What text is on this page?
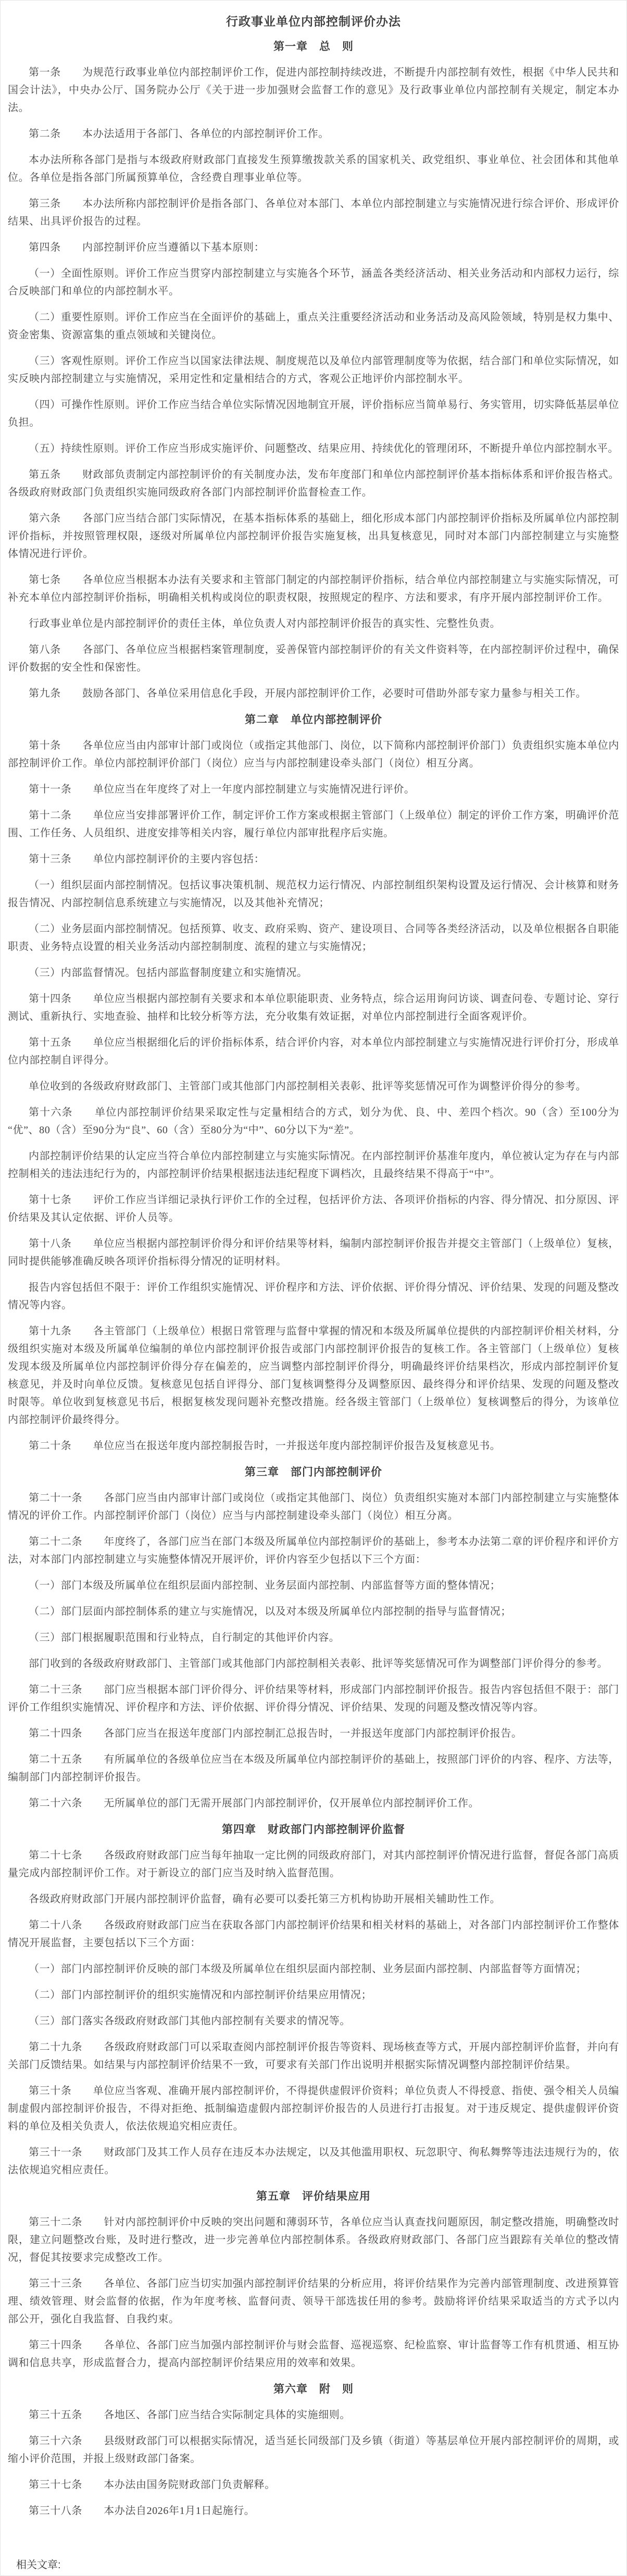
行政事业单位内部控制评价办法
第一章　总　则

第一条　　为规范行政事业单位内部控制评价工作，促进内部控制持续改进，不断提升内部控制有效性，根据《中华人民共和国会计法》，中央办公厅、国务院办公厅《关于进一步加强财会监督工作的意见》及行政事业单位内部控制有关规定，制定本办法。

第二条　　本办法适用于各部门、各单位的内部控制评价工作。

本办法所称各部门是指与本级政府财政部门直接发生预算缴拨款关系的国家机关、政党组织、事业单位、社会团体和其他单位。各单位是指各部门所属预算单位，含经费自理事业单位等。

第三条　　本办法所称内部控制评价是指各部门、各单位对本部门、本单位内部控制建立与实施情况进行综合评价、形成评价结果、出具评价报告的过程。

第四条　　内部控制评价应当遵循以下基本原则：

（一）全面性原则。评价工作应当贯穿内部控制建立与实施各个环节，涵盖各类经济活动、相关业务活动和内部权力运行，综合反映部门和单位的内部控制水平。

（二）重要性原则。评价工作应当在全面评价的基础上，重点关注重要经济活动和业务活动及高风险领域，特别是权力集中、资金密集、资源富集的重点领域和关键岗位。

（三）客观性原则。评价工作应当以国家法律法规、制度规范以及单位内部管理制度等为依据，结合部门和单位实际情况，如实反映内部控制建立与实施情况，采用定性和定量相结合的方式，客观公正地评价内部控制水平。

（四）可操作性原则。评价工作应当结合单位实际情况因地制宜开展，评价指标应当简单易行、务实管用，切实降低基层单位负担。

（五）持续性原则。评价工作应当形成实施评价、问题整改、结果应用、持续优化的管理闭环，不断提升单位内部控制水平。

第五条　　财政部负责制定内部控制评价的有关制度办法，发布年度部门和单位内部控制评价基本指标体系和评价报告格式。各级政府财政部门负责组织实施同级政府各部门内部控制评价监督检查工作。

第六条　　各部门应当结合部门实际情况，在基本指标体系的基础上，细化形成本部门内部控制评价指标及所属单位内部控制评价指标，并按照管理权限，逐级对所属单位内部控制评价报告实施复核，出具复核意见，同时对本部门内部控制建立与实施整体情况进行评价。

第七条　　各单位应当根据本办法有关要求和主管部门制定的内部控制评价指标，结合单位内部控制建立与实施实际情况，可补充本单位内部控制评价指标，明确相关机构或岗位的职责权限，按照规定的程序、方法和要求，有序开展内部控制评价工作。

行政事业单位是内部控制评价的责任主体，单位负责人对内部控制评价报告的真实性、完整性负责。

第八条　　各部门、各单位应当根据档案管理制度，妥善保管内部控制评价的有关文件资料等，在内部控制评价过程中，确保评价数据的安全性和保密性。

第九条　　鼓励各部门、各单位采用信息化手段，开展内部控制评价工作，必要时可借助外部专家力量参与相关工作。

第二章　单位内部控制评价

第十条　　各单位应当由内部审计部门或岗位（或指定其他部门、岗位，以下简称内部控制评价部门）负责组织实施本单位内部控制评价工作。单位内部控制评价部门（岗位）应当与内部控制建设牵头部门（岗位）相互分离。

第十一条　　单位应当在年度终了对上一年度内部控制建立与实施情况进行评价。

第十二条　　单位应当安排部署评价工作，制定评价工作方案或根据主管部门（上级单位）制定的评价工作方案，明确评价范围、工作任务、人员组织、进度安排等相关内容，履行单位内部审批程序后实施。

第十三条　　单位内部控制评价的主要内容包括：

（一）组织层面内部控制情况。包括议事决策机制、规范权力运行情况、内部控制组织架构设置及运行情况、会计核算和财务报告情况、内部控制信息系统建立与实施情况，以及其他补充情况；

（二）业务层面内部控制情况。包括预算、收支、政府采购、资产、建设项目、合同等各类经济活动，以及单位根据各自职能职责、业务特点设置的相关业务活动内部控制制度、流程的建立与实施情况；

（三）内部监督情况。包括内部监督制度建立和实施情况。

第十四条　　单位应当根据内部控制有关要求和本单位职能职责、业务特点，综合运用询问访谈、调查问卷、专题讨论、穿行测试、重新执行、实地查验、抽样和比较分析等方法，充分收集有效证据，对单位内部控制进行全面客观评价。

第十五条　　单位应当根据细化后的评价指标体系，结合评价内容，对本单位内部控制建立与实施情况进行评价打分，形成单位内部控制自评得分。

单位收到的各级政府财政部门、主管部门或其他部门内部控制相关表彰、批评等奖惩情况可作为调整评价得分的参考。

第十六条　　单位内部控制评价结果采取定性与定量相结合的方式，划分为优、良、中、差四个档次。90（含）至100分为“优”、80（含）至90分为“良”、60（含）至80分为“中”、60分以下为“差”。

内部控制评价结果的认定应当符合单位内部控制建立与实施实际情况。在内部控制评价基准年度内，单位被认定为存在与内部控制相关的违法违纪行为的，内部控制评价结果根据违法违纪程度下调档次，且最终结果不得高于“中”。

第十七条　　评价工作应当详细记录执行评价工作的全过程，包括评价方法、各项评价指标的内容、得分情况、扣分原因、评价结果及其认定依据、评价人员等。

第十八条　　单位应当根据内部控制评价得分和评价结果等材料，编制内部控制评价报告并提交主管部门（上级单位）复核，同时提供能够准确反映各项评价指标得分情况的证明材料。

报告内容包括但不限于：评价工作组织实施情况、评价程序和方法、评价依据、评价得分情况、评价结果、发现的问题及整改情况等内容。

第十九条　　各主管部门（上级单位）根据日常管理与监督中掌握的情况和本级及所属单位提供的内部控制评价相关材料，分级组织实施对本级及所属单位编制的单位内部控制评价报告或部门内部控制评价报告的复核工作。各主管部门（上级单位）复核发现本级及所属单位内部控制评价得分存在偏差的，应当调整内部控制评价得分，明确最终评价结果档次，形成内部控制评价复核意见，并及时向单位反馈。复核意见包括自评得分、部门复核调整得分及调整原因、最终得分和评价结果、发现的问题及整改时限等。单位收到复核意见书后，根据复核发现问题补充整改措施。经各级主管部门（上级单位）复核调整后的得分，为该单位内部控制评价最终得分。

第二十条　　单位应当在报送年度内部控制报告时，一并报送年度内部控制评价报告及复核意见书。

第三章　部门内部控制评价

第二十一条　　各部门应当由内部审计部门或岗位（或指定其他部门、岗位）负责组织实施对本部门内部控制建立与实施整体情况的评价工作。内部控制评价部门（岗位）应当与内部控制建设牵头部门（岗位）相互分离。

第二十二条　　年度终了，各部门应当在部门本级及所属单位内部控制评价的基础上，参考本办法第二章的评价程序和评价方法，对本部门内部控制建立与实施整体情况开展评价，评价内容至少包括以下三个方面：

（一）部门本级及所属单位在组织层面内部控制、业务层面内部控制、内部监督等方面的整体情况；

（二）部门层面内部控制体系的建立与实施情况，以及对本级及所属单位内部控制的指导与监督情况；

（三）部门根据履职范围和行业特点，自行制定的其他评价内容。

部门收到的各级政府财政部门、主管部门或其他部门内部控制相关表彰、批评等奖惩情况可作为调整部门评价得分的参考。

第二十三条　　部门应当根据本部门评价得分、评价结果等材料，形成部门内部控制评价报告。报告内容包括但不限于：部门评价工作组织实施情况、评价程序和方法、评价依据、评价得分情况、评价结果、发现的问题及整改情况等内容。

第二十四条　　各部门应当在报送年度部门内部控制汇总报告时，一并报送年度部门内部控制评价报告。

第二十五条　　有所属单位的各级单位应当在本级及所属单位内部控制评价的基础上，按照部门评价的内容、程序、方法等，编制部门内部控制评价报告。

第二十六条　　无所属单位的部门无需开展部门内部控制评价，仅开展单位内部控制评价工作。

第四章　财政部门内部控制评价监督

第二十七条　　各级政府财政部门应当每年抽取一定比例的同级政府部门，对其内部控制评价情况进行监督，督促各部门高质量完成内部控制评价工作。对于新设立的部门应当及时纳入监督范围。

各级政府财政部门开展内部控制评价监督，确有必要可以委托第三方机构协助开展相关辅助性工作。

第二十八条　　各级政府财政部门应当在获取各部门内部控制评价结果和相关材料的基础上，对各部门内部控制评价工作整体情况开展监督，主要包括以下三个方面：

（一）部门内部控制评价反映的部门本级及所属单位在组织层面内部控制、业务层面内部控制、内部监督等方面情况；

（二）部门内部控制评价的组织实施情况和内部控制评价结果应用情况；

（三）部门落实各级政府财政部门其他内部控制有关要求的情况等。

第二十九条　　各级政府财政部门可以采取查阅内部控制评价报告等资料、现场核查等方式，开展内部控制评价监督，并向有关部门反馈结果。如结果与内部控制评价结果不一致，可要求有关部门作出说明并根据实际情况调整内部控制评价结果。

第三十条　　单位应当客观、准确开展内部控制评价，不得提供虚假评价资料；单位负责人不得授意、指使、强令相关人员编制虚假内部控制评价报告，不得对拒绝、抵制编造虚假内部控制评价报告的人员进行打击报复。对于违反规定、提供虚假评价资料的单位及相关负责人，依法依规追究相应责任。

第三十一条　　财政部门及其工作人员存在违反本办法规定，以及其他滥用职权、玩忽职守、徇私舞弊等违法违规行为的，依法依规追究相应责任。

第五章　评价结果应用

第三十二条　　针对内部控制评价中反映的突出问题和薄弱环节，各单位应当认真查找问题原因，制定整改措施，明确整改时限，建立问题整改台账，及时进行整改，进一步完善单位内部控制体系。各级政府财政部门、各部门应当跟踪有关单位的整改情况，督促其按要求完成整改工作。

第三十三条　　各单位、各部门应当切实加强内部控制评价结果的分析应用，将评价结果作为完善内部管理制度、改进预算管理、绩效管理、财会监督的依据，作为年度考核、监督问责、领导干部选拔任用的参考。鼓励将评价结果采取适当的方式予以内部公开，强化自我监督、自我约束。

第三十四条　　各单位、各部门应当加强内部控制评价与财会监督、巡视巡察、纪检监察、审计监督等工作有机贯通、相互协调和信息共享，形成监督合力，提高内部控制评价结果应用的效率和效果。

第六章　附　则

第三十五条　　各地区、各部门应当结合实际制定具体的实施细则。

第三十六条　　县级财政部门可以根据实际情况，适当延长同级部门及乡镇（街道）等基层单位开展内部控制评价的周期，或缩小评价范围，并报上级财政部门备案。

第三十七条　　本办法由国务院财政部门负责解释。

第三十八条　　本办法自2026年1月1日起施行。

相关文章:
